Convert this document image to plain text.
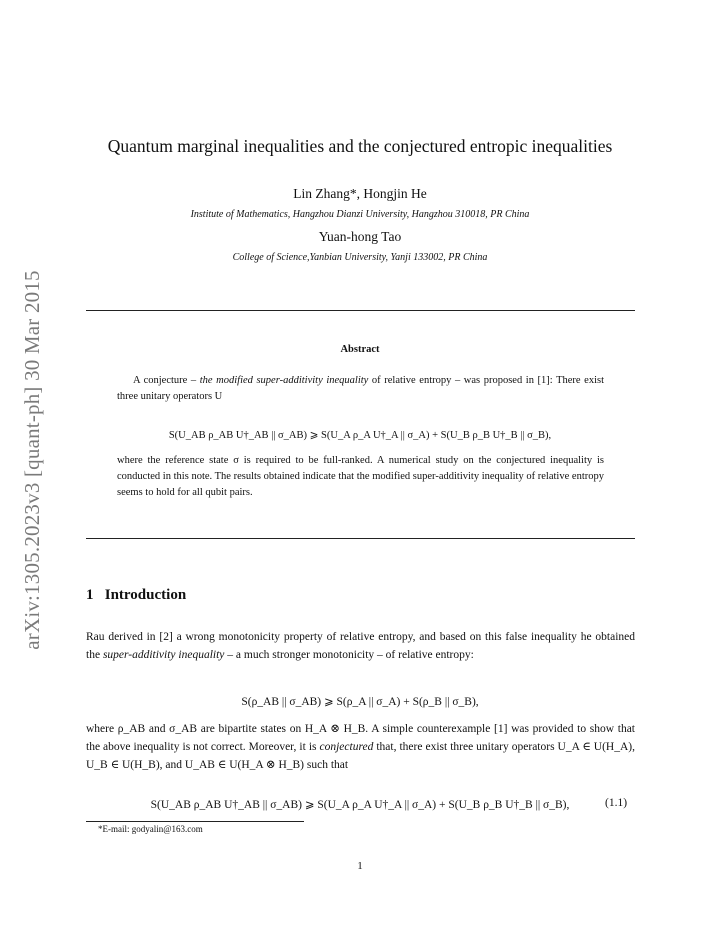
arXiv:1305.2023v3 [quant-ph] 30 Mar 2015
Quantum marginal inequalities and the conjectured entropic inequalities
Lin Zhang*, Hongjin He
Institute of Mathematics, Hangzhou Dianzi University, Hangzhou 310018, PR China
Yuan-hong Tao
College of Science,Yanbian University, Yanji 133002, PR China
Abstract
A conjecture – the modified super-additivity inequality of relative entropy – was proposed in [1]: There exist three unitary operators U
S(U_AB ρ_AB U†_AB || σ_AB) ⩾ S(U_A ρ_A U†_A || σ_A) + S(U_B ρ_B U†_B || σ_B),
where the reference state σ is required to be full-ranked. A numerical study on the conjectured inequality is conducted in this note. The results obtained indicate that the modified super-additivity inequality of relative entropy seems to hold for all qubit pairs.
1 Introduction
Rau derived in [2] a wrong monotonicity property of relative entropy, and based on this false inequality he obtained the super-additivity inequality – a much stronger monotonicity – of relative entropy:
S(ρ_AB || σ_AB) ⩾ S(ρ_A || σ_A) + S(ρ_B || σ_B),
where ρ_AB and σ_AB are bipartite states on H_A ⊗ H_B. A simple counterexample [1] was provided to show that the above inequality is not correct. Moreover, it is conjectured that, there exist three unitary operators U_A ∈ U(H_A), U_B ∈ U(H_B), and U_AB ∈ U(H_A ⊗ H_B) such that
S(U_AB ρ_AB U†_AB || σ_AB) ⩾ S(U_A ρ_A U†_A || σ_A) + S(U_B ρ_B U†_B || σ_B),	(1.1)
*E-mail: godyalin@163.com
1
